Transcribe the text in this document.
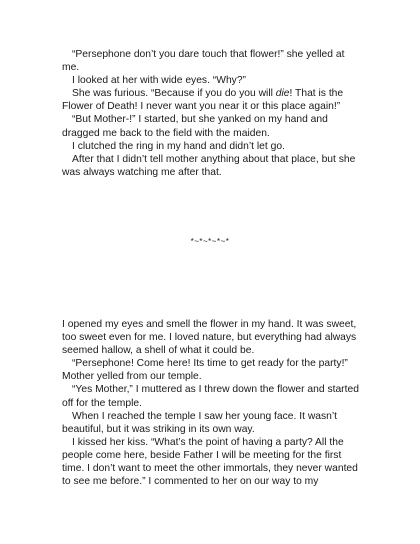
“Persephone don’t you dare touch that flower!” she yelled at me.

I looked at her with wide eyes. “Why?”

She was furious. “Because if you do you will die! That is the Flower of Death! I never want you near it or this place again!”

“But Mother-!” I started, but she yanked on my hand and dragged me back to the field with the maiden.

I clutched the ring in my hand and didn’t let go.

After that I didn’t tell mother anything about that place, but she was always watching me after that.

*~*~*~*~*

I opened my eyes and smell the flower in my hand. It was sweet, too sweet even for me. I loved nature, but everything had always seemed hallow, a shell of what it could be.

“Persephone! Come here! Its time to get ready for the party!” Mother yelled from our temple.

“Yes Mother,” I muttered as I threw down the flower and started off for the temple.

When I reached the temple I saw her young face. It wasn’t beautiful, but it was striking in its own way.

I kissed her kiss. “What’s the point of having a party? All the people come here, beside Father I will be meeting for the first time. I don’t want to meet the other immortals, they never wanted to see me before.” I commented to her on our way to my
